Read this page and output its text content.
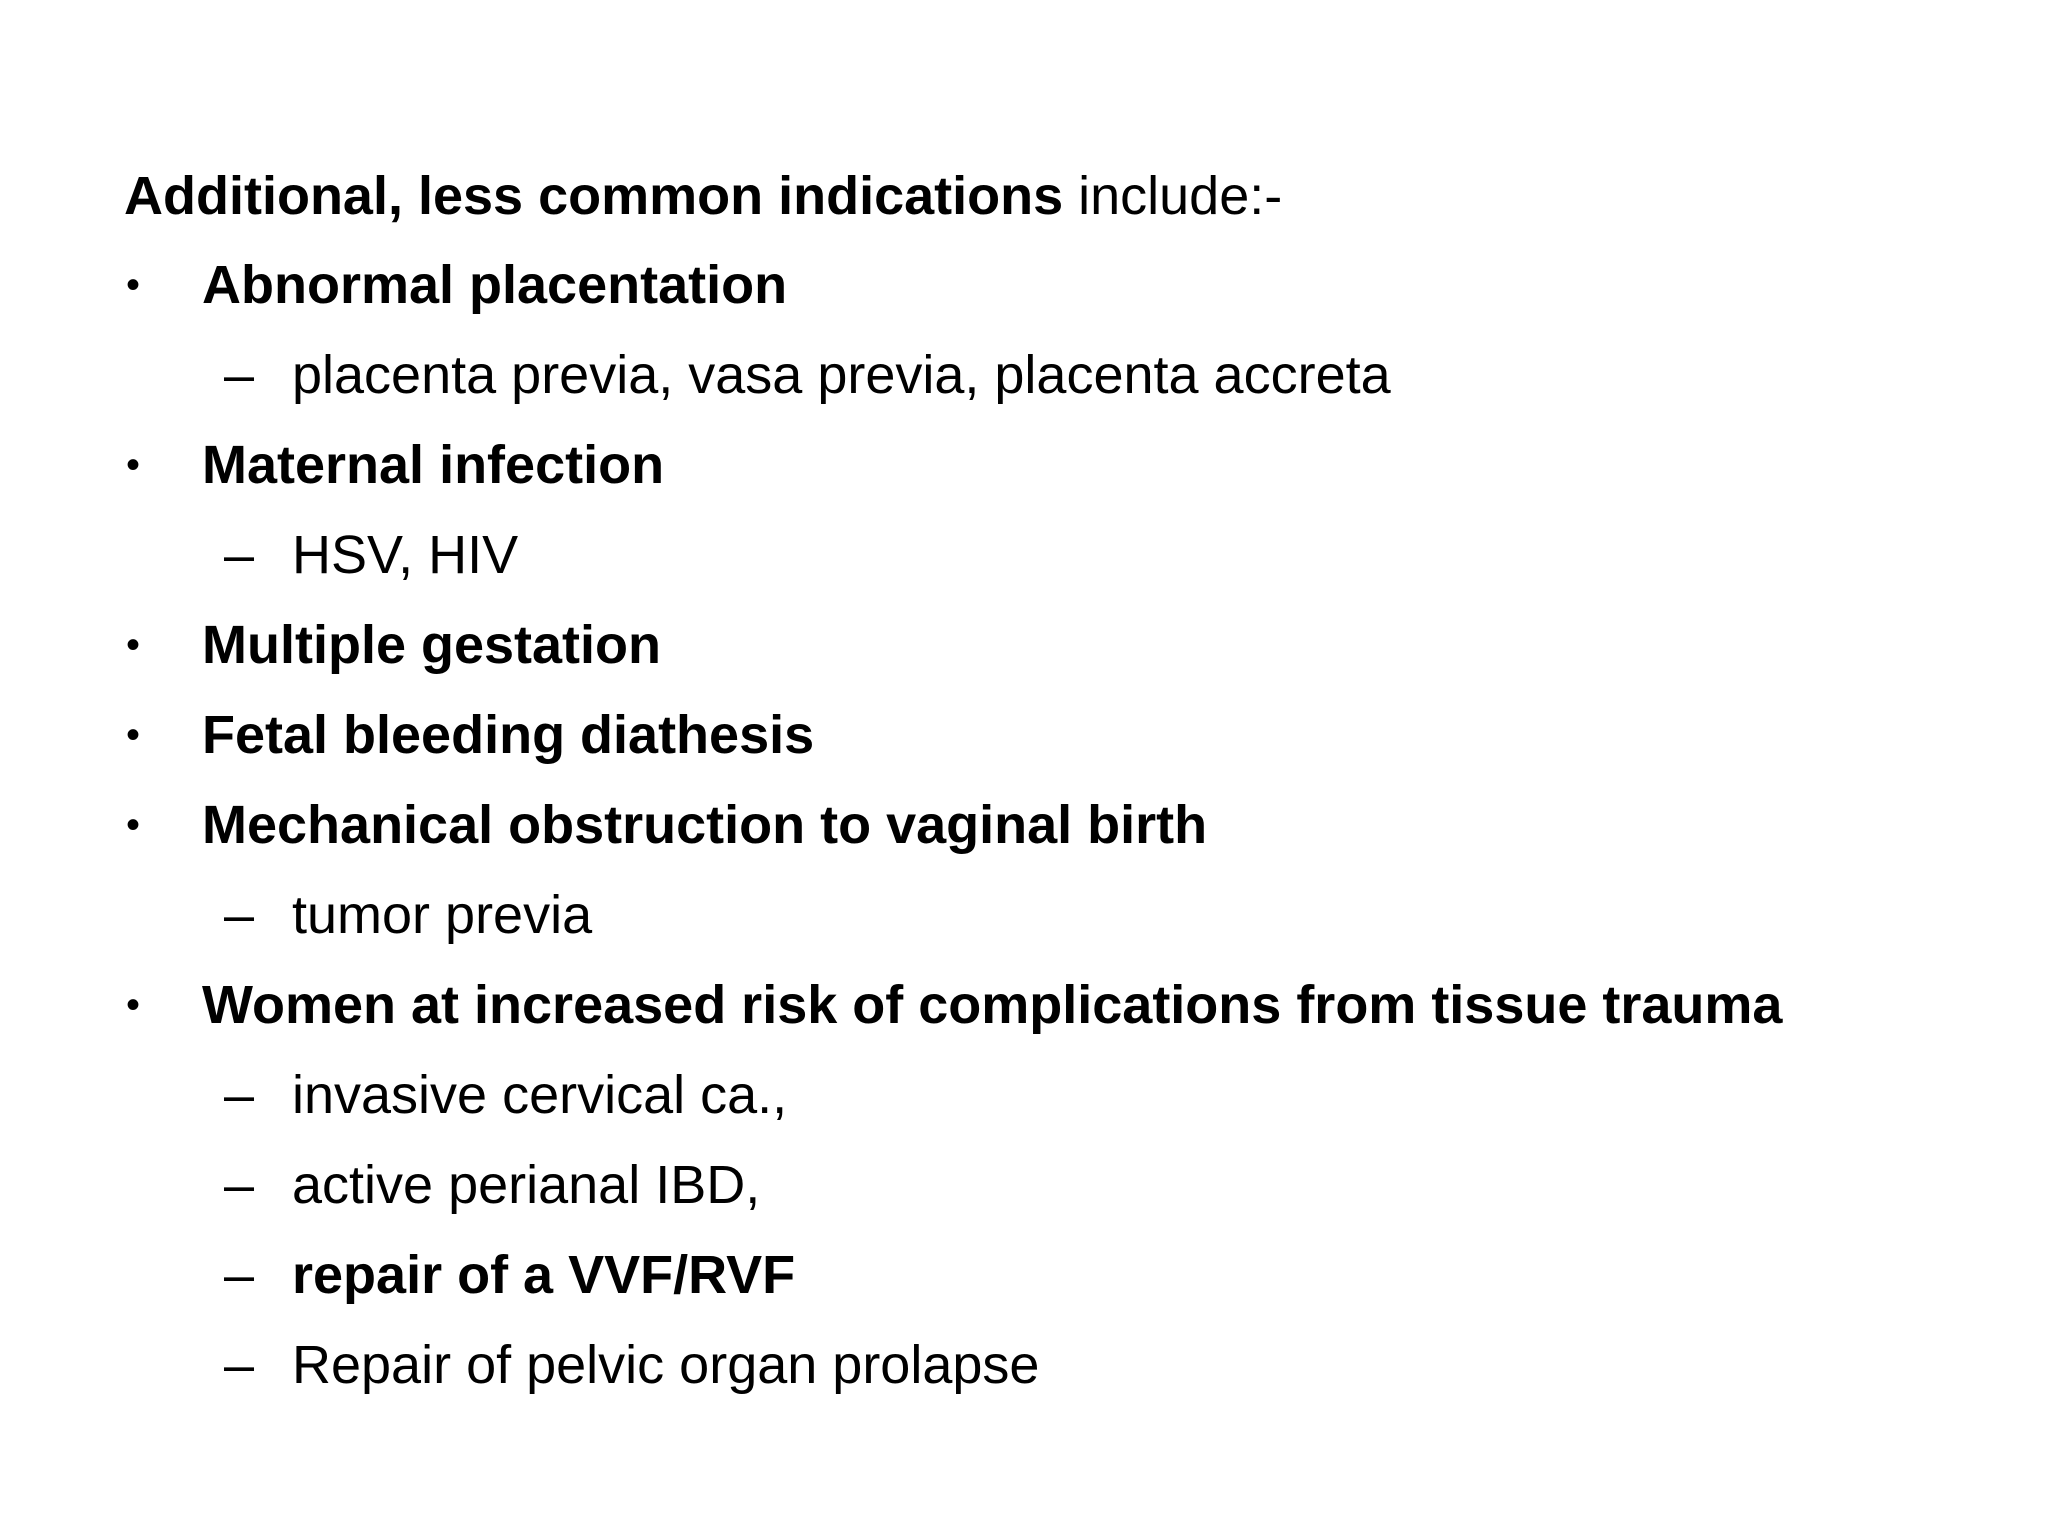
Additional, less common indications include:-
• Abnormal placentation
– placenta previa, vasa previa, placenta accreta
• Maternal infection
– HSV, HIV
• Multiple gestation
• Fetal bleeding diathesis
• Mechanical obstruction to vaginal birth
– tumor previa
• Women at increased risk of complications from tissue trauma
– invasive cervical ca.,
– active perianal IBD,
– repair of a VVF/RVF
– Repair of pelvic organ prolapse
